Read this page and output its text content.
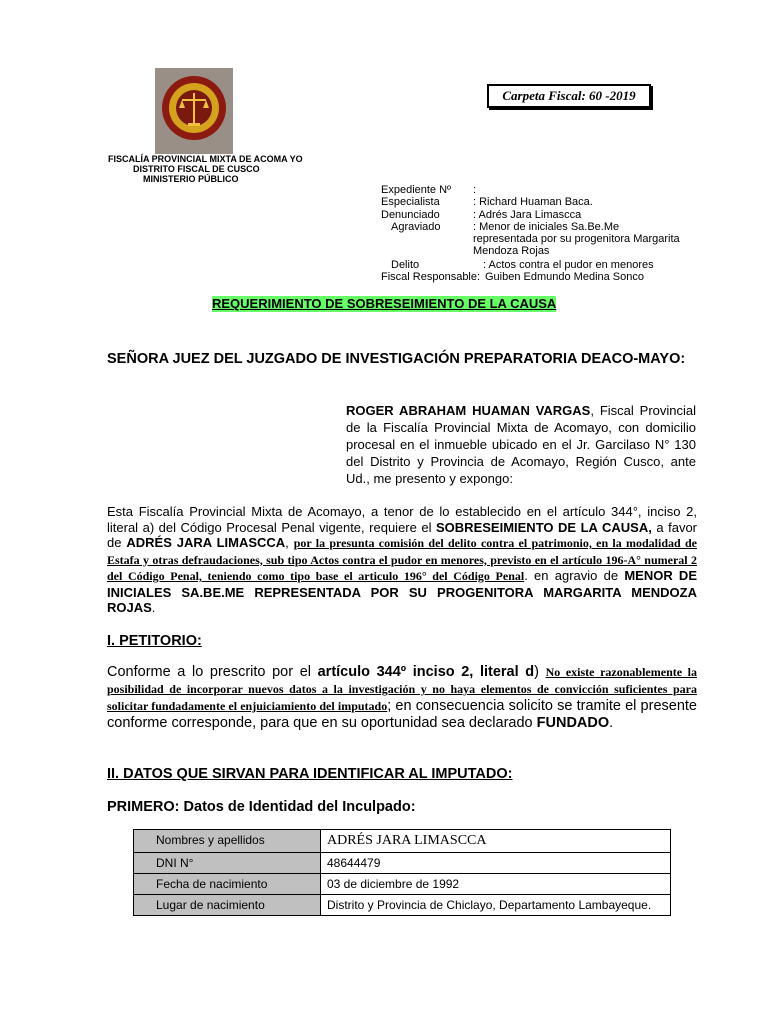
FISCALÍA PROVINCIAL MIXTA DE ACOMA YO
DISTRITO FISCAL DE CUSCO
MINISTERIO PÚBLICO
Carpeta Fiscal: 60 -2019
Expediente Nº :
Especialista	: Richard Huaman Baca.
Denunciado	: Adrés Jara Limascca
Agraviado	: Menor de iniciales Sa.Be.Me
representada por su progenitora Margarita
Mendoza Rojas
Delito	: Actos contra el pudor en menores
Fiscal Responsable: Guiben Edmundo Medina Sonco
REQUERIMIENTO DE SOBRESEIMIENTO DE LA CAUSA
SEÑORA JUEZ DEL JUZGADO DE INVESTIGACIÓN PREPARATORIA DEACO-MAYO:
ROGER ABRAHAM HUAMAN VARGAS, Fiscal Provincial de la Fiscalía Provincial Mixta de Acomayo, con domicilio procesal en el inmueble ubicado en el Jr. Garcilaso N° 130 del Distrito y Provincia de Acomayo, Región Cusco, ante Ud., me presento y expongo:
Esta Fiscalía Provincial Mixta de Acomayo, a tenor de lo establecido en el artículo 344°, inciso 2, literal a) del Código Procesal Penal vigente, requiere el SOBRESEIMIENTO DE LA CAUSA, a favor de ADRÉS JARA LIMASCCA, por la presunta comisión del delito contra el patrimonio, en la modalidad de Estafa y otras defraudaciones, sub tipo Actos contra el pudor en menores, previsto en el artículo 196-A° numeral 2 del Código Penal, teniendo como tipo base el articulo 196° del Código Penal. en agravio de MENOR DE INICIALES SA.BE.ME REPRESENTADA POR SU PROGENITORA MARGARITA MENDOZA ROJAS.
I. PETITORIO:
Conforme a lo prescrito por el artículo 344º inciso 2, literal d) No existe razonablemente la posibilidad de incorporar nuevos datos a la investigación y no haya elementos de convicción suficientes para solicitar fundadamente el enjuiciamiento del imputado; en consecuencia solicito se tramite el presente conforme corresponde, para que en su oportunidad sea declarado FUNDADO.
II. DATOS QUE SIRVAN PARA IDENTIFICAR AL IMPUTADO:
PRIMERO: Datos de Identidad del Inculpado:
Nombres y apellidos	ADRÉS JARA LIMASCCA
DNI N°	48644479
Fecha de nacimiento	03 de diciembre de 1992
Lugar de nacimiento	Distrito y Provincia de Chiclayo, Departamento Lambayeque.
